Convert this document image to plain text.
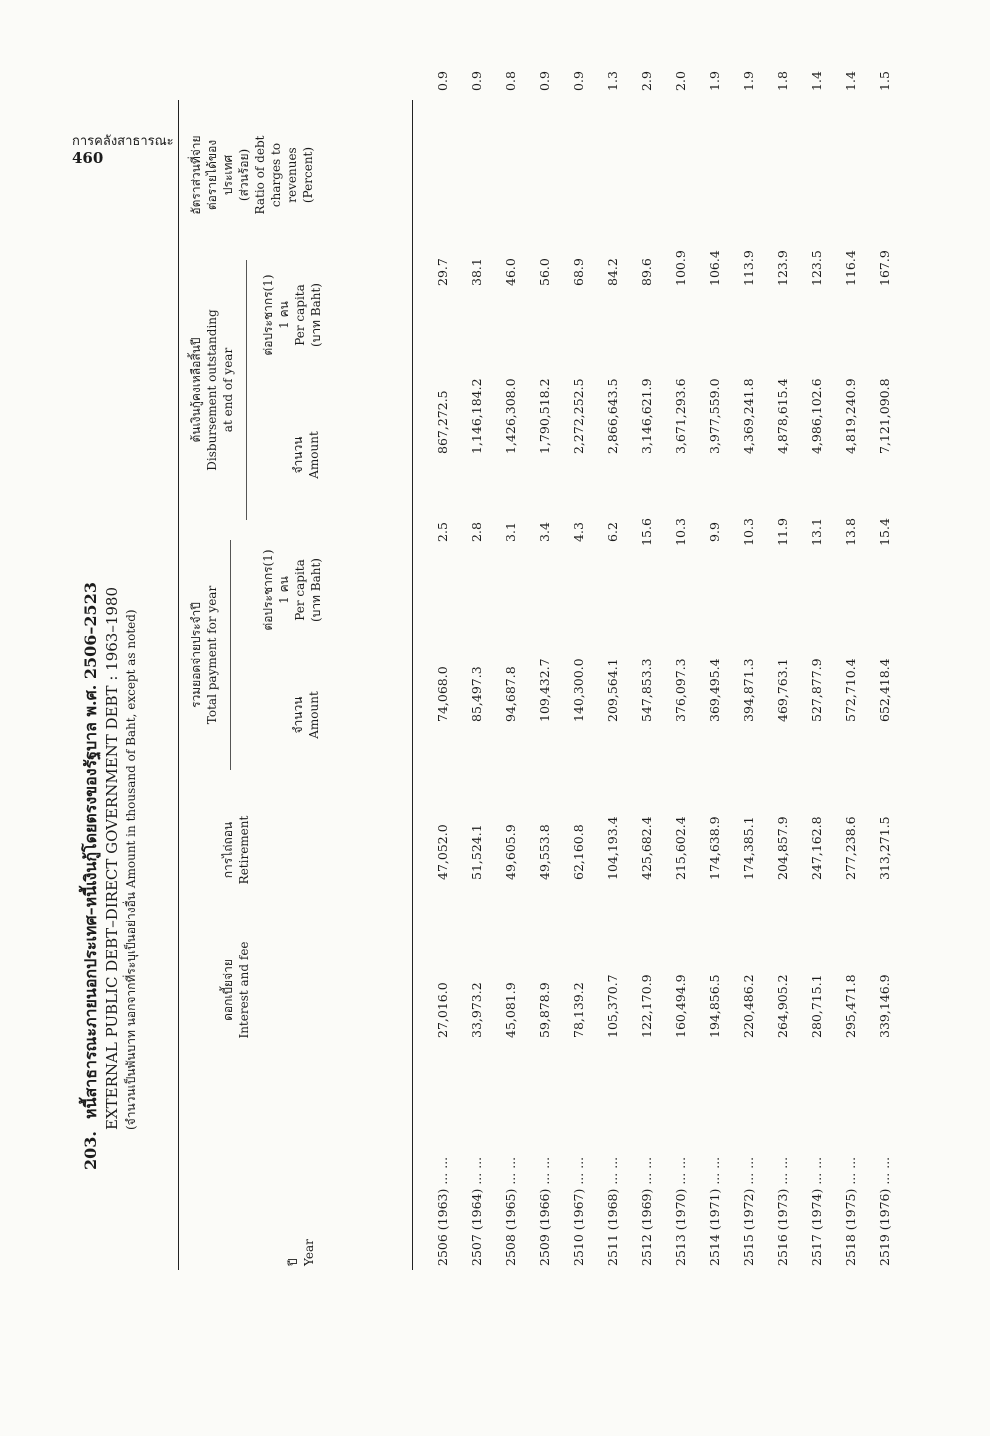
การคลังสาธารณะ
460
203.หนี้สาธารณะภายนอกประเทศ–หนี้เงินกู้โดยตรงของรัฐบาล พ.ศ. 2506–2523 EXTERNAL PUBLIC DEBT–DIRECT GOVERNMENT DEBT : 1963–1980 (จำนวนเป็นพันบาท นอกจากที่ระบุเป็นอย่างอื่น Amount in thousand of Baht, except as noted)
ปี Year
ดอกเบี้ยจ่าย Interest and fee
การไถ่ถอน Retirement
รวมยอดจ่ายประจำปี Total payment for year	จำนวน Amount
ต่อประชากร(1) 1 คน Per capita (บาท Baht)
ต้นเงินกู้คงเหลือสิ้นปี Disbursement outstanding at end of year
จำนวน Amount
ต่อประชากร(1) 1 คน Per capita (บาท Baht)
อัตราส่วนที่จ่าย ต่อรายได้ของ ประเทศ (ส่วนร้อย) Ratio of debt charges to revenues (Percent)
2506 (1963) ... ...	27,016.0	47,052.0	74,068.0	2.5	867,272.5	29.7	0.9
2507 (1964) ... ...	33,973.2	51,524.1	85,497.3	2.8	1,146,184.2	38.1	0.9
2508 (1965) ... ...	45,081.9	49,605.9	94,687.8	3.1	1,426,308.0	46.0	0.8
2509 (1966) ... ...	59,878.9	49,553.8	109,432.7	3.4	1,790,518.2	56.0	0.9
2510 (1967) ... ...	78,139.2	62,160.8	140,300.0	4.3	2,272,252.5	68.9	0.9
2511 (1968) ... ...	105,370.7	104,193.4	209,564.1	6.2	2,866,643.5	84.2	1.3
2512 (1969) ... ...	122,170.9	425,682.4	547,853.3	15.6	3,146,621.9	89.6	2.9
2513 (1970) ... ...	160,494.9	215,602.4	376,097.3	10.3	3,671,293.6	100.9	2.0
2514 (1971) ... ...	194,856.5	174,638.9	369,495.4	9.9	3,977,559.0	106.4	1.9
2515 (1972) ... ...	220,486.2	174,385.1	394,871.3	10.3	4,369,241.8	113.9	1.9
2516 (1973) ... ...	264,905.2	204,857.9	469,763.1	11.9	4,878,615.4	123.9	1.8
2517 (1974) ... ...	280,715.1	247,162.8	527,877.9	13.1	4,986,102.6	123.5	1.4
2518 (1975) ... ...	295,471.8	277,238.6	572,710.4	13.8	4,819,240.9	116.4	1.4
2519 (1976) ... ...	339,146.9	313,271.5	652,418.4	15.4	7,121,090.8	167.9	1.5
